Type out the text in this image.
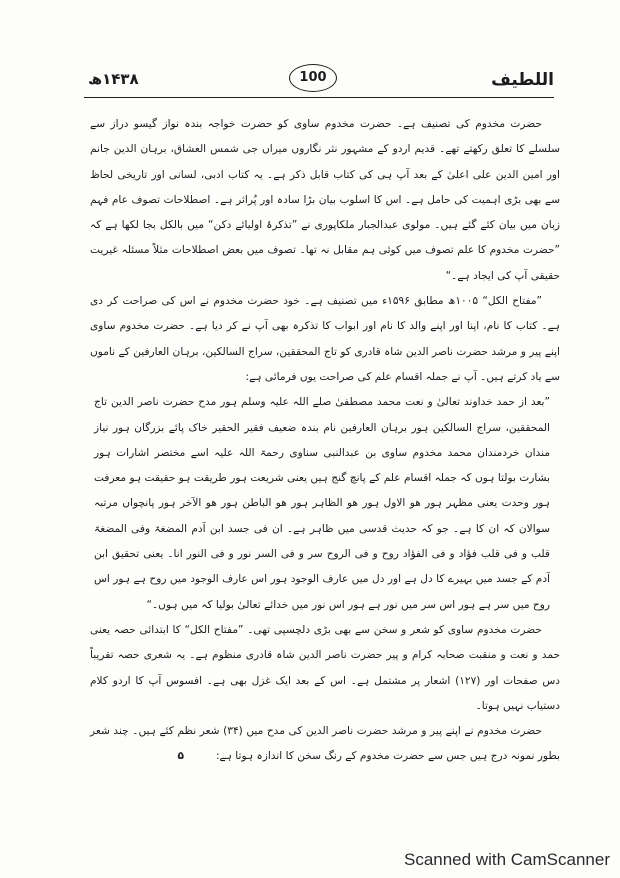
اللطیف
100
۱۴۳۸ھ

حضرت مخدوم کی تصنیف ہے۔ حضرت مخدوم ساوی کو حضرت خواجہ بندہ نواز گیسو دراز سے سلسلے کا تعلق رکھتے تھے۔ قدیم اردو کے مشہور نثر نگاروں میراں جی شمس العشاق، برہان الدین جانم اور امین الدین علی اعلیٰ کے بعد آپ ہی کی کتاب قابل ذکر ہے۔ یہ کتاب ادبی، لسانی اور تاریخی لحاظ سے بھی بڑی اہمیت کی حامل ہے۔ اس کا اسلوب بیان بڑا سادہ اور پُراثر ہے۔ اصطلاحات تصوف عام فہم زبان میں بیان کئے گئے ہیں۔ مولوی عبدالجبار ملکاپوری نے ”تذکرۂ اولیائے دکن“ میں بالکل بجا لکھا ہے کہ ”حضرت مخدوم کا علم تصوف میں کوئی ہم مقابل نہ تھا۔ تصوف میں بعض اصطلاحات مثلاً مسئلہ غیریت حقیقی آپ کی ایجاد ہے۔“

”مفتاح الکل“ ۱۰۰۵ھ مطابق ۱۵۹۶ء میں تصنیف ہے۔ خود حضرت مخدوم نے اس کی صراحت کر دی ہے۔ کتاب کا نام، اپنا اور اپنے والد کا نام اور ابواب کا تذکرہ بھی آپ نے کر دیا ہے۔ حضرت مخدوم ساوی اپنے پیر و مرشد حضرت ناصر الدین شاہ قادری کو تاج المحققین، سراج السالکین، برہان العارفین کے ناموں سے یاد کرتے ہیں۔ آپ نے جملہ اقسام علم کی صراحت یوں فرمائی ہے:

”بعد از حمد خداوند تعالیٰ و نعت محمد مصطفیٰ صلے اللہ علیہ وسلم ہور مدح حضرت ناصر الدین تاج المحققین، سراج السالکین ہور برہان العارفین نام بندہ ضعیف فقیر الحقیر خاک پائے بزرگان ہور نیاز مندان خردمندان محمد مخدوم ساوی بن عبدالنبی سناوی رحمۃ اللہ علیہ اسے مختصر اشارات ہور بشارت بولتا ہوں کہ جملہ اقسام علم کے پانچ گنج ہیں یعنی شریعت ہور طریقت ہو حقیقت ہو معرفت ہور وحدت یعنی مظہر ہور ھو الاول ہور ھو الظاہر ہور ھو الباطن ہور ھو الآخر ہور پانچواں مرتبہ سوالان کہ ان کا ہے۔ جو کہ حدیث قدسی میں ظاہر ہے۔ ان فی جسد ابن آدم المضغۃ وفی المضغۃ قلب و فی قلب فؤاد و فی الفؤاد روح و فی الروح سر و فی السر نور و فی النور انا۔ یعنی تحقیق ابن آدم کے جسد میں بہیرے کا دل ہے اور دل میں عارف الوجود ہور اس عارف الوجود میں روح ہے ہور اس روح میں سر ہے ہور اس سر میں نور ہے ہور اس نور میں خدائے تعالیٰ بولیا کہ میں ہوں۔“

حضرت مخدوم ساوی کو شعر و سخن سے بھی بڑی دلچسپی تھی۔ ”مفتاح الکل“ کا ابتدائی حصہ یعنی حمد و نعت و منقبت صحابہ کرام و پیر حضرت ناصر الدین شاہ قادری منظوم ہے۔ یہ شعری حصہ تقریباً دس صفحات اور (۱۲۷) اشعار پر مشتمل ہے۔ اس کے بعد ایک غزل بھی ہے۔ افسوس آپ کا اردو کلام دستیاب نہیں ہوتا۔

حضرت مخدوم نے اپنے پیر و مرشد حضرت ناصر الدین کی مدح میں (۳۴) شعر نظم کئے ہیں۔ چند شعر بطور نمونہ درج ہیں جس سے حضرت مخدوم کے رنگ سخن کا اندازہ ہوتا ہے:۵

Scanned with CamScanner
